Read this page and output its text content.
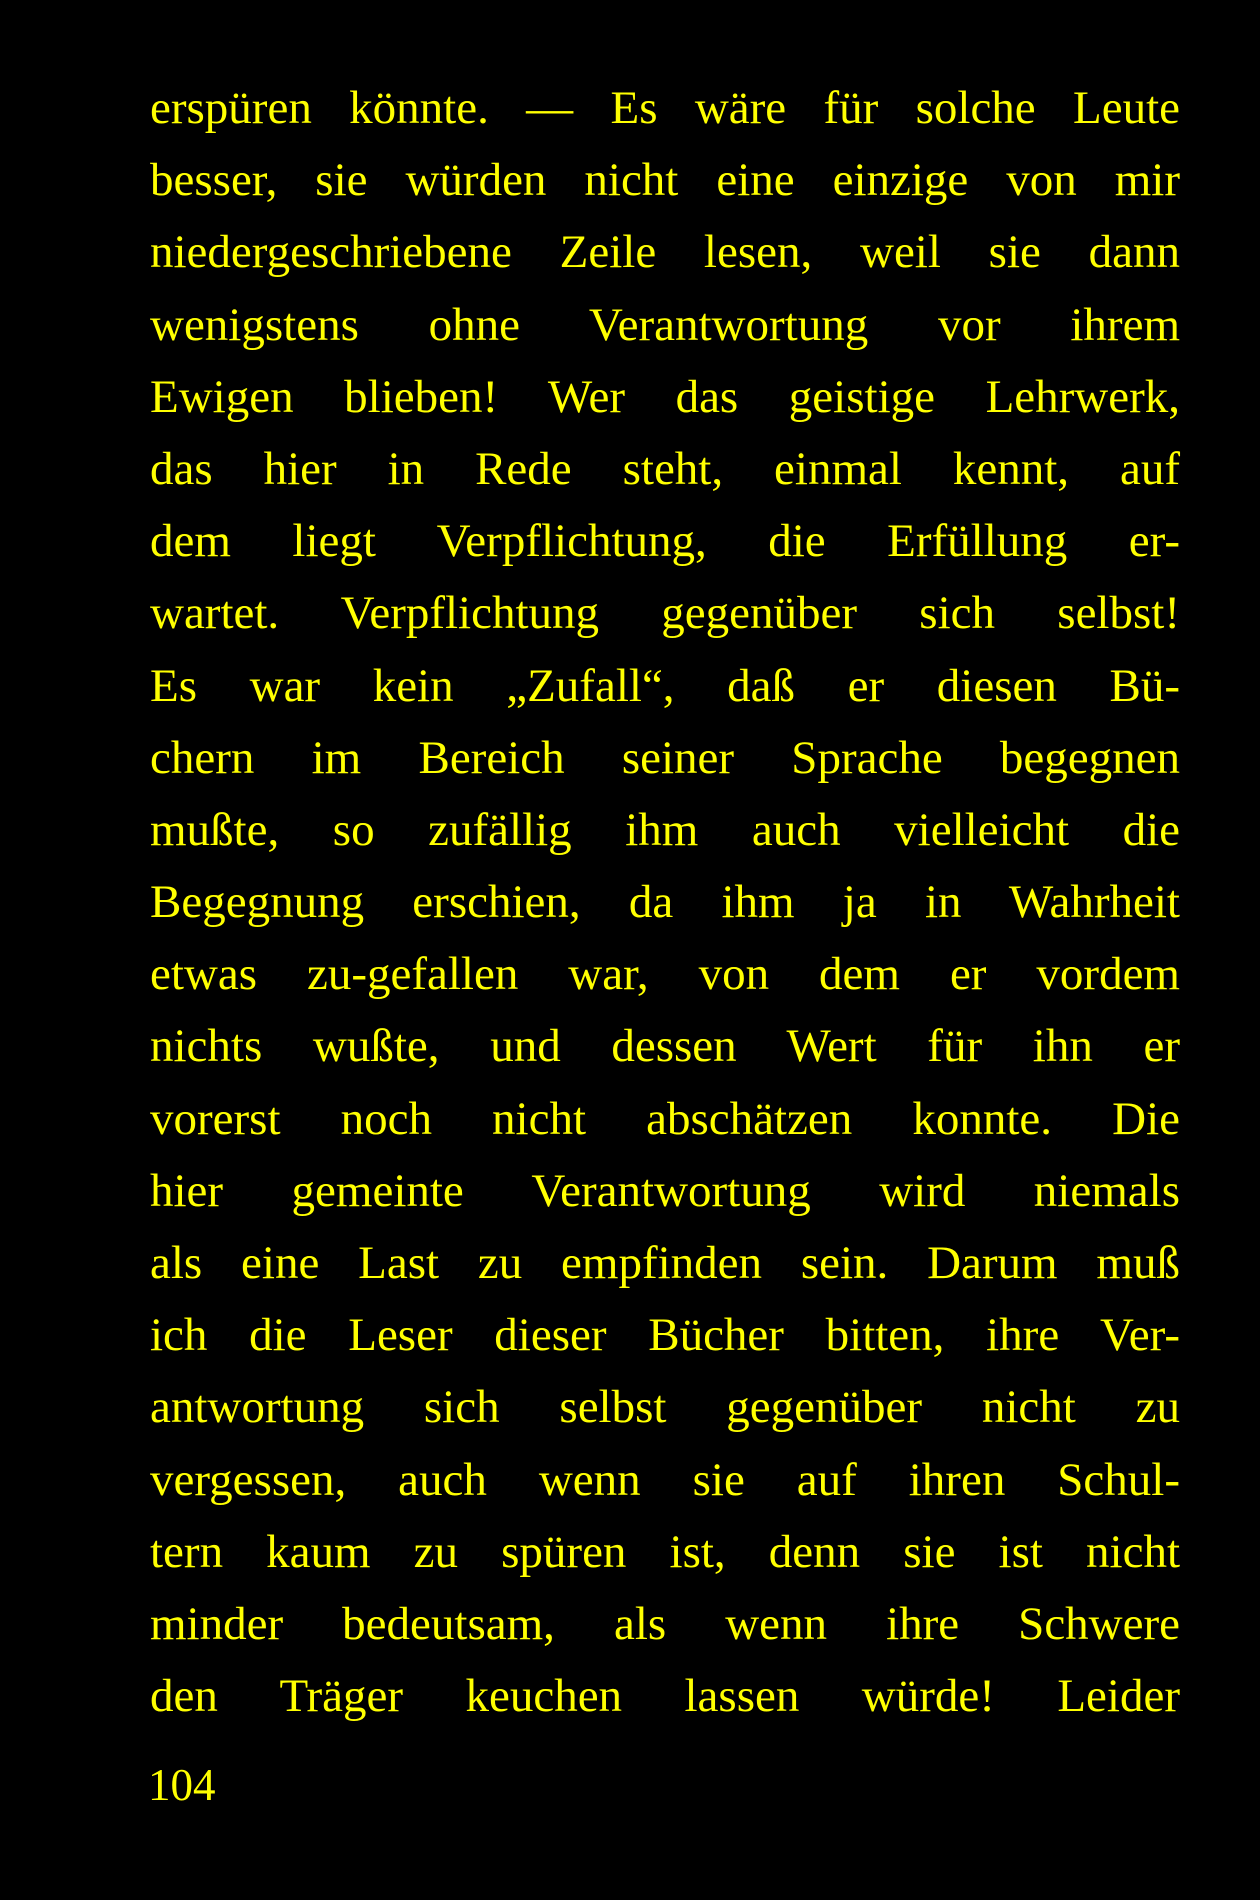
erspüren könnte. — Es wäre für solche Leute
besser, sie würden nicht eine einzige von mir
niedergeschriebene Zeile lesen, weil sie dann
wenigstens ohne Verantwortung vor ihrem
Ewigen blieben! Wer das geistige Lehrwerk,
das hier in Rede steht, einmal kennt, auf
dem liegt Verpflichtung, die Erfüllung er-
wartet. Verpflichtung gegenüber sich selbst!
Es war kein „Zufall“, daß er diesen Bü-
chern im Bereich seiner Sprache begegnen
mußte, so zufällig ihm auch vielleicht die
Begegnung erschien, da ihm ja in Wahrheit
etwas zu-gefallen war, von dem er vordem
nichts wußte, und dessen Wert für ihn er
vorerst noch nicht abschätzen konnte. Die
hier gemeinte Verantwortung wird niemals
als eine Last zu empfinden sein. Darum muß
ich die Leser dieser Bücher bitten, ihre Ver-
antwortung sich selbst gegenüber nicht zu
vergessen, auch wenn sie auf ihren Schul-
tern kaum zu spüren ist, denn sie ist nicht
minder bedeutsam, als wenn ihre Schwere
den Träger keuchen lassen würde! Leider
104
